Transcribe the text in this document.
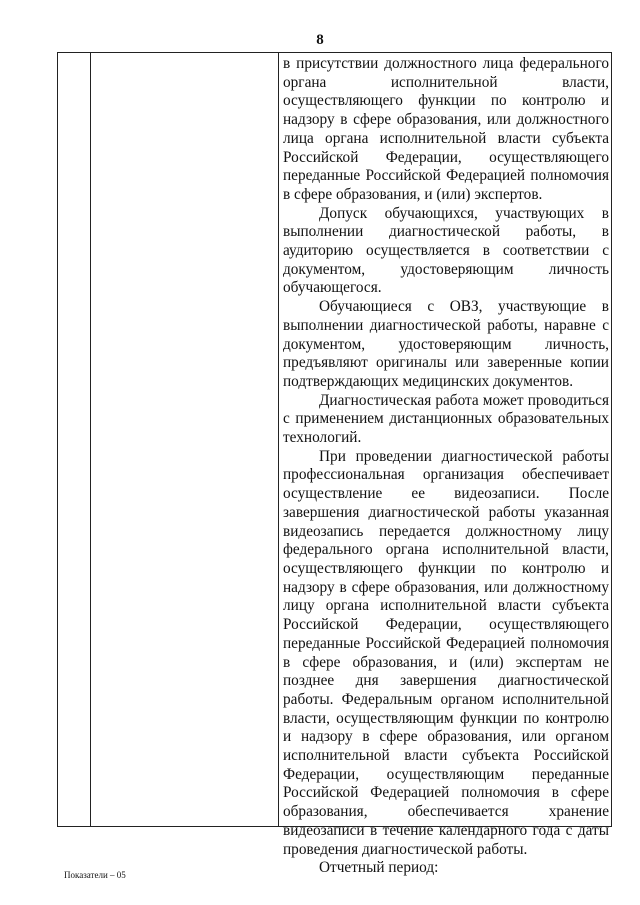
8

в присутствии должностного лица федерального органа исполнительной власти, осуществляющего функции по контролю и надзору в сфере образования, или должностного лица органа исполнительной власти субъекта Российской Федерации, осуществляющего переданные Российской Федерацией полномочия в сфере образования, и (или) экспертов.

Допуск обучающихся, участвующих в выполнении диагностической работы, в аудиторию осуществляется в соответствии с документом, удостоверяющим личность обучающегося.

Обучающиеся с ОВЗ, участвующие в выполнении диагностической работы, наравне с документом, удостоверяющим личность, предъявляют оригиналы или заверенные копии подтверждающих медицинских документов.

Диагностическая работа может проводиться с применением дистанционных образовательных технологий.

При проведении диагностической работы профессиональная организация обеспечивает осуществление ее видеозаписи. После завершения диагностической работы указанная видеозапись передается должностному лицу федерального органа исполнительной власти, осуществляющего функции по контролю и надзору в сфере образования, или должностному лицу органа исполнительной власти субъекта Российской Федерации, осуществляющего переданные Российской Федерацией полномочия в сфере образования, и (или) экспертам не позднее дня завершения диагностической работы. Федеральным органом исполнительной власти, осуществляющим функции по контролю и надзору в сфере образования, или органом исполнительной власти субъекта Российской Федерации, осуществляющим переданные Российской Федерацией полномочия в сфере образования, обеспечивается хранение видеозаписи в течение календарного года с даты проведения диагностической работы.

Отчетный период:

Показатели – 05
